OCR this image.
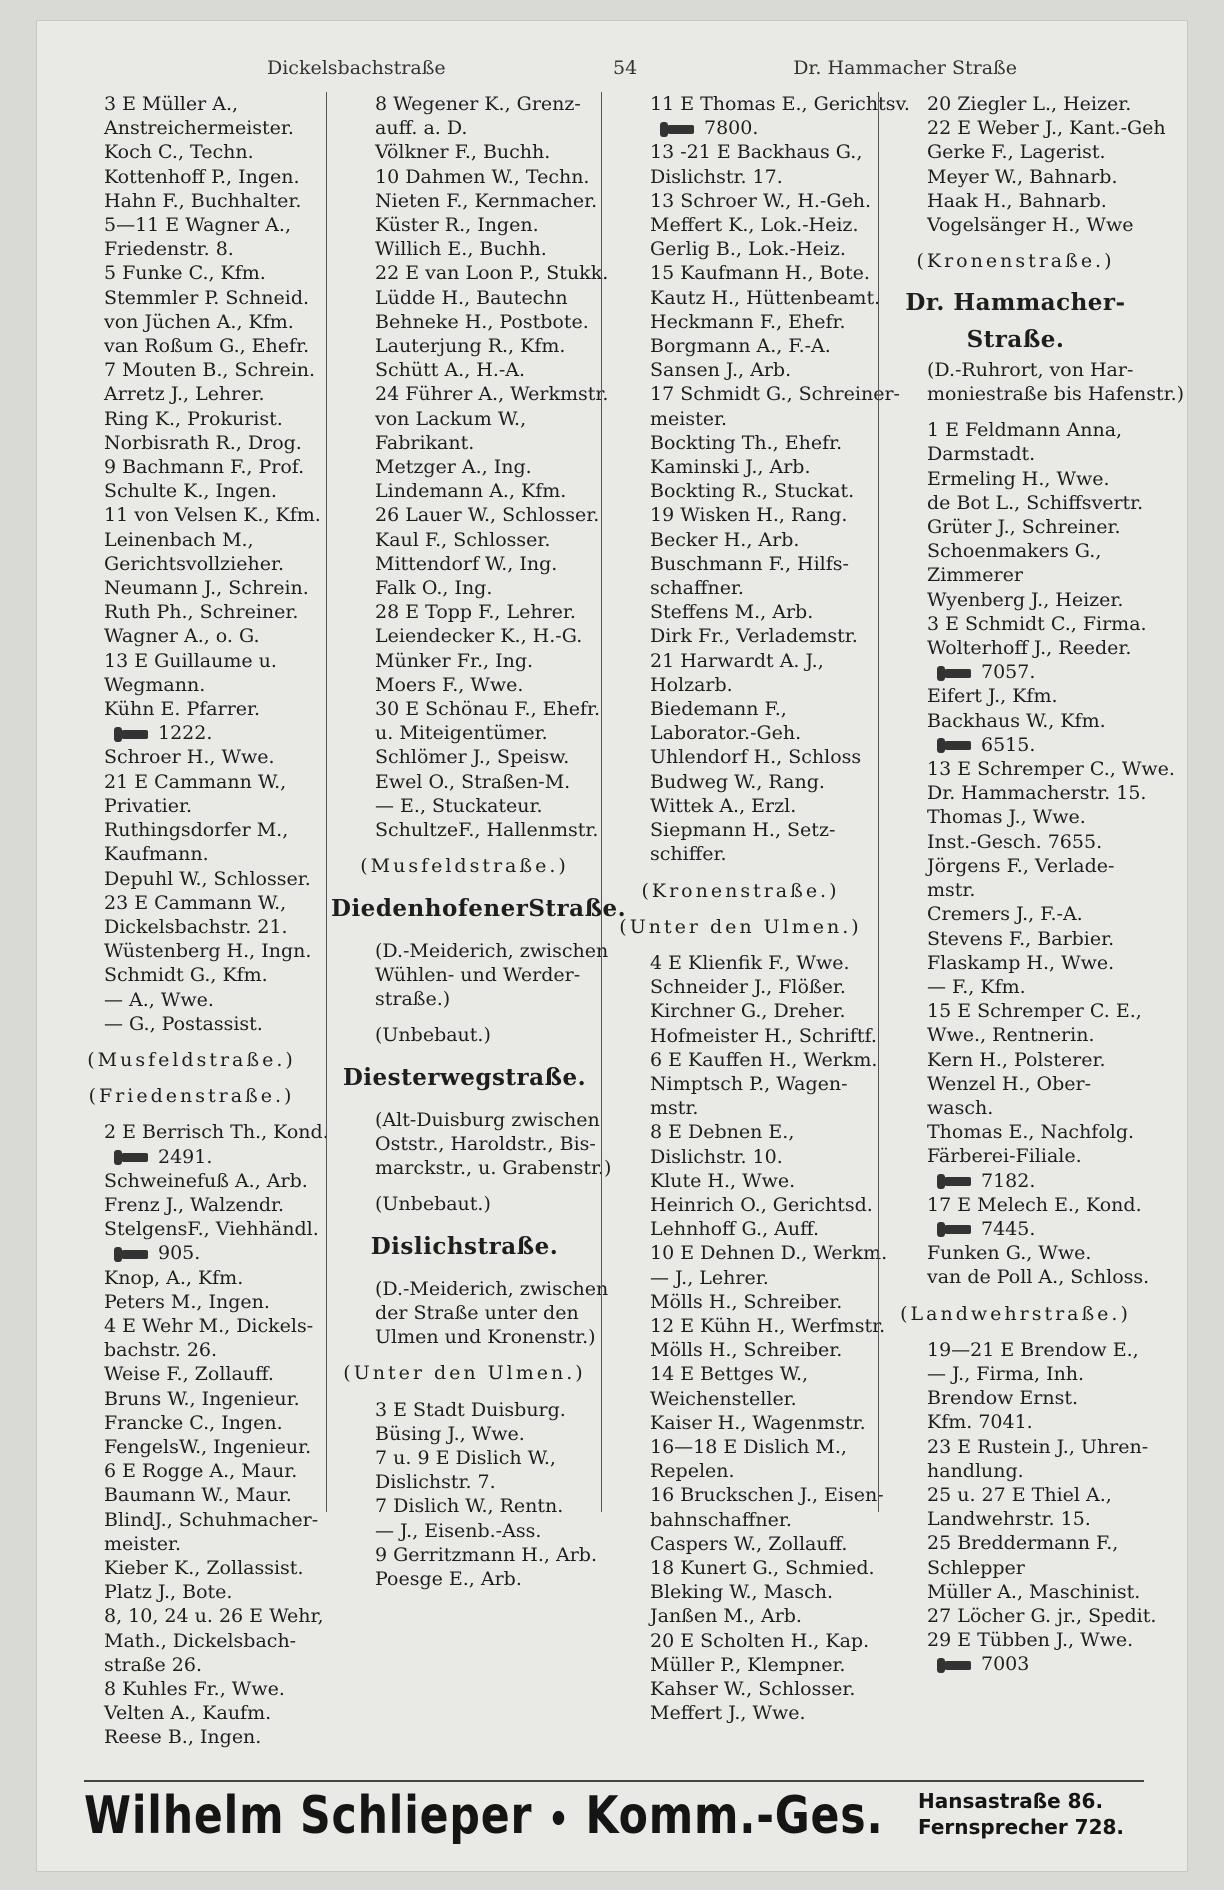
Dickelsbachstraße	54	Dr. Hammacher Straße
3 E Müller A.,
Anstreichermeister.
Koch C., Techn.
Kottenhoff P., Ingen.
Hahn F., Buchhalter.
5—11 E Wagner A.,
Friedenstr. 8.
5 Funke C., Kfm.
Stemmler P. Schneid.
von Jüchen A., Kfm.
van Roßum G., Ehefr.
7 Mouten B., Schrein.
Arretz J., Lehrer.
Ring K., Prokurist.
Norbisrath R., Drog.
9 Bachmann F., Prof.
Schulte K., Ingen.
11 von Velsen K., Kfm.
Leinenbach M.,
Gerichtsvollzieher.
Neumann J., Schrein.
Ruth Ph., Schreiner.
Wagner A., o. G.
13 E Guillaume u.
Wegmann.
Kühn E. Pfarrer.
1222.
Schroer H., Wwe.
21 E Cammann W.,
Privatier.
Ruthingsdorfer M.,
Kaufmann.
Depuhl W., Schlosser.
23 E Cammann W.,
Dickelsbachstr. 21.
Wüstenberg H., Ingn.
Schmidt G., Kfm.
— A., Wwe.
— G., Postassist.
(Musfeldstraße.)
(Friedenstraße.)
2 E Berrisch Th., Kond.
2491.
Schweinefuß A., Arb.
Frenz J., Walzendr.
StelgensF., Viehhändl.
905.
Knop, A., Kfm.
Peters M., Ingen.
4 E Wehr M., Dickels-
bachstr. 26.
Weise F., Zollauff.
Bruns W., Ingenieur.
Francke C., Ingen.
FengelsW., Ingenieur.
6 E Rogge A., Maur.
Baumann W., Maur.
BlindJ., Schuhmacher-
meister.
Kieber K., Zollassist.
Platz J., Bote.
8, 10, 24 u. 26 E Wehr,
Math., Dickelsbach-
straße 26.
8 Kuhles Fr., Wwe.
Velten A., Kaufm.
Reese B., Ingen.
8 Wegener K., Grenz-
auff. a. D.
Völkner F., Buchh.
10 Dahmen W., Techn.
Nieten F., Kernmacher.
Küster R., Ingen.
Willich E., Buchh.
22 E van Loon P., Stukk.
Lüdde H., Bautechn
Behneke H., Postbote.
Lauterjung R., Kfm.
Schütt A., H.-A.
24 Führer A., Werkmstr.
von Lackum W.,
Fabrikant.
Metzger A., Ing.
Lindemann A., Kfm.
26 Lauer W., Schlosser.
Kaul F., Schlosser.
Mittendorf W., Ing.
Falk O., Ing.
28 E Topp F., Lehrer.
Leiendecker K., H.-G.
Münker Fr., Ing.
Moers F., Wwe.
30 E Schönau F., Ehefr.
u. Miteigentümer.
Schlömer J., Speisw.
Ewel O., Straßen-M.
— E., Stuckateur.
SchultzeF., Hallenmstr.
(Musfeldstraße.)
DiedenhofenerStraße.
(D.-Meiderich, zwischen
Wühlen- und Werder-
straße.)
(Unbebaut.)
Diesterwegstraße.
(Alt-Duisburg zwischen
Oststr., Haroldstr., Bis-
marckstr., u. Grabenstr.)
(Unbebaut.)
Dislichstraße.
(D.-Meiderich, zwischen
der Straße unter den
Ulmen und Kronenstr.)
(Unter den Ulmen.)
3 E Stadt Duisburg.
Büsing J., Wwe.
7 u. 9 E Dislich W.,
Dislichstr. 7.
7 Dislich W., Rentn.
— J., Eisenb.-Ass.
9 Gerritzmann H., Arb.
Poesge E., Arb.
11 E Thomas E., Gerichtsv.
7800.
13 -21 E Backhaus G.,
Dislichstr. 17.
13 Schroer W., H.-Geh.
Meffert K., Lok.-Heiz.
Gerlig B., Lok.-Heiz.
15 Kaufmann H., Bote.
Kautz H., Hüttenbeamt.
Heckmann F., Ehefr.
Borgmann A., F.-A.
Sansen J., Arb.
17 Schmidt G., Schreiner-
meister.
Bockting Th., Ehefr.
Kaminski J., Arb.
Bockting R., Stuckat.
19 Wisken H., Rang.
Becker H., Arb.
Buschmann F., Hilfs-
schaffner.
Steffens M., Arb.
Dirk Fr., Verlademstr.
21 Harwardt A. J.,
Holzarb.
Biedemann F.,
Laborator.-Geh.
Uhlendorf H., Schloss
Budweg W., Rang.
Wittek A., Erzl.
Siepmann H., Setz-
schiffer.
(Kronenstraße.)
(Unter den Ulmen.)
4 E Klienfik F., Wwe.
Schneider J., Flößer.
Kirchner G., Dreher.
Hofmeister H., Schriftf.
6 E Kauffen H., Werkm.
Nimptsch P., Wagen-
mstr.
8 E Debnen E.,
Dislichstr. 10.
Klute H., Wwe.
Heinrich O., Gerichtsd.
Lehnhoff G., Auff.
10 E Dehnen D., Werkm.
— J., Lehrer.
Mölls H., Schreiber.
12 E Kühn H., Werfmstr.
Mölls H., Schreiber.
14 E Bettges W.,
Weichensteller.
Kaiser H., Wagenmstr.
16—18 E Dislich M.,
Repelen.
16 Bruckschen J., Eisen-
bahnschaffner.
Caspers W., Zollauff.
18 Kunert G., Schmied.
Bleking W., Masch.
Janßen M., Arb.
20 E Scholten H., Kap.
Müller P., Klempner.
Kahser W., Schlosser.
Meffert J., Wwe.
20 Ziegler L., Heizer.
22 E Weber J., Kant.-Geh
Gerke F., Lagerist.
Meyer W., Bahnarb.
Haak H., Bahnarb.
Vogelsänger H., Wwe
(Kronenstraße.)
Dr. Hammacher-
Straße.
(D.-Ruhrort, von Har-
moniestraße bis Hafenstr.)
1 E Feldmann Anna,
Darmstadt.
Ermeling H., Wwe.
de Bot L., Schiffsvertr.
Grüter J., Schreiner.
Schoenmakers G.,
Zimmerer
Wyenberg J., Heizer.
3 E Schmidt C., Firma.
Wolterhoff J., Reeder.
7057.
Eifert J., Kfm.
Backhaus W., Kfm.
6515.
13 E Schremper C., Wwe.
Dr. Hammacherstr. 15.
Thomas J., Wwe.
Inst.-Gesch. 7655.
Jörgens F., Verlade-
mstr.
Cremers J., F.-A.
Stevens F., Barbier.
Flaskamp H., Wwe.
— F., Kfm.
15 E Schremper C. E.,
Wwe., Rentnerin.
Kern H., Polsterer.
Wenzel H., Ober-
wasch.
Thomas E., Nachfolg.
Färberei-Filiale.
7182.
17 E Melech E., Kond.
7445.
Funken G., Wwe.
van de Poll A., Schloss.
(Landwehrstraße.)
19—21 E Brendow E.,
— J., Firma, Inh.
Brendow Ernst.
Kfm. 7041.
23 E Rustein J., Uhren-
handlung.
25 u. 27 E Thiel A.,
Landwehrstr. 15.
25 Breddermann F.,
Schlepper
Müller A., Maschinist.
27 Löcher G. jr., Spedit.
29 E Tübben J., Wwe.
7003
Wilhelm Schlieper • Komm.-Ges. Hansastraße 86.
Fernsprecher 728.
